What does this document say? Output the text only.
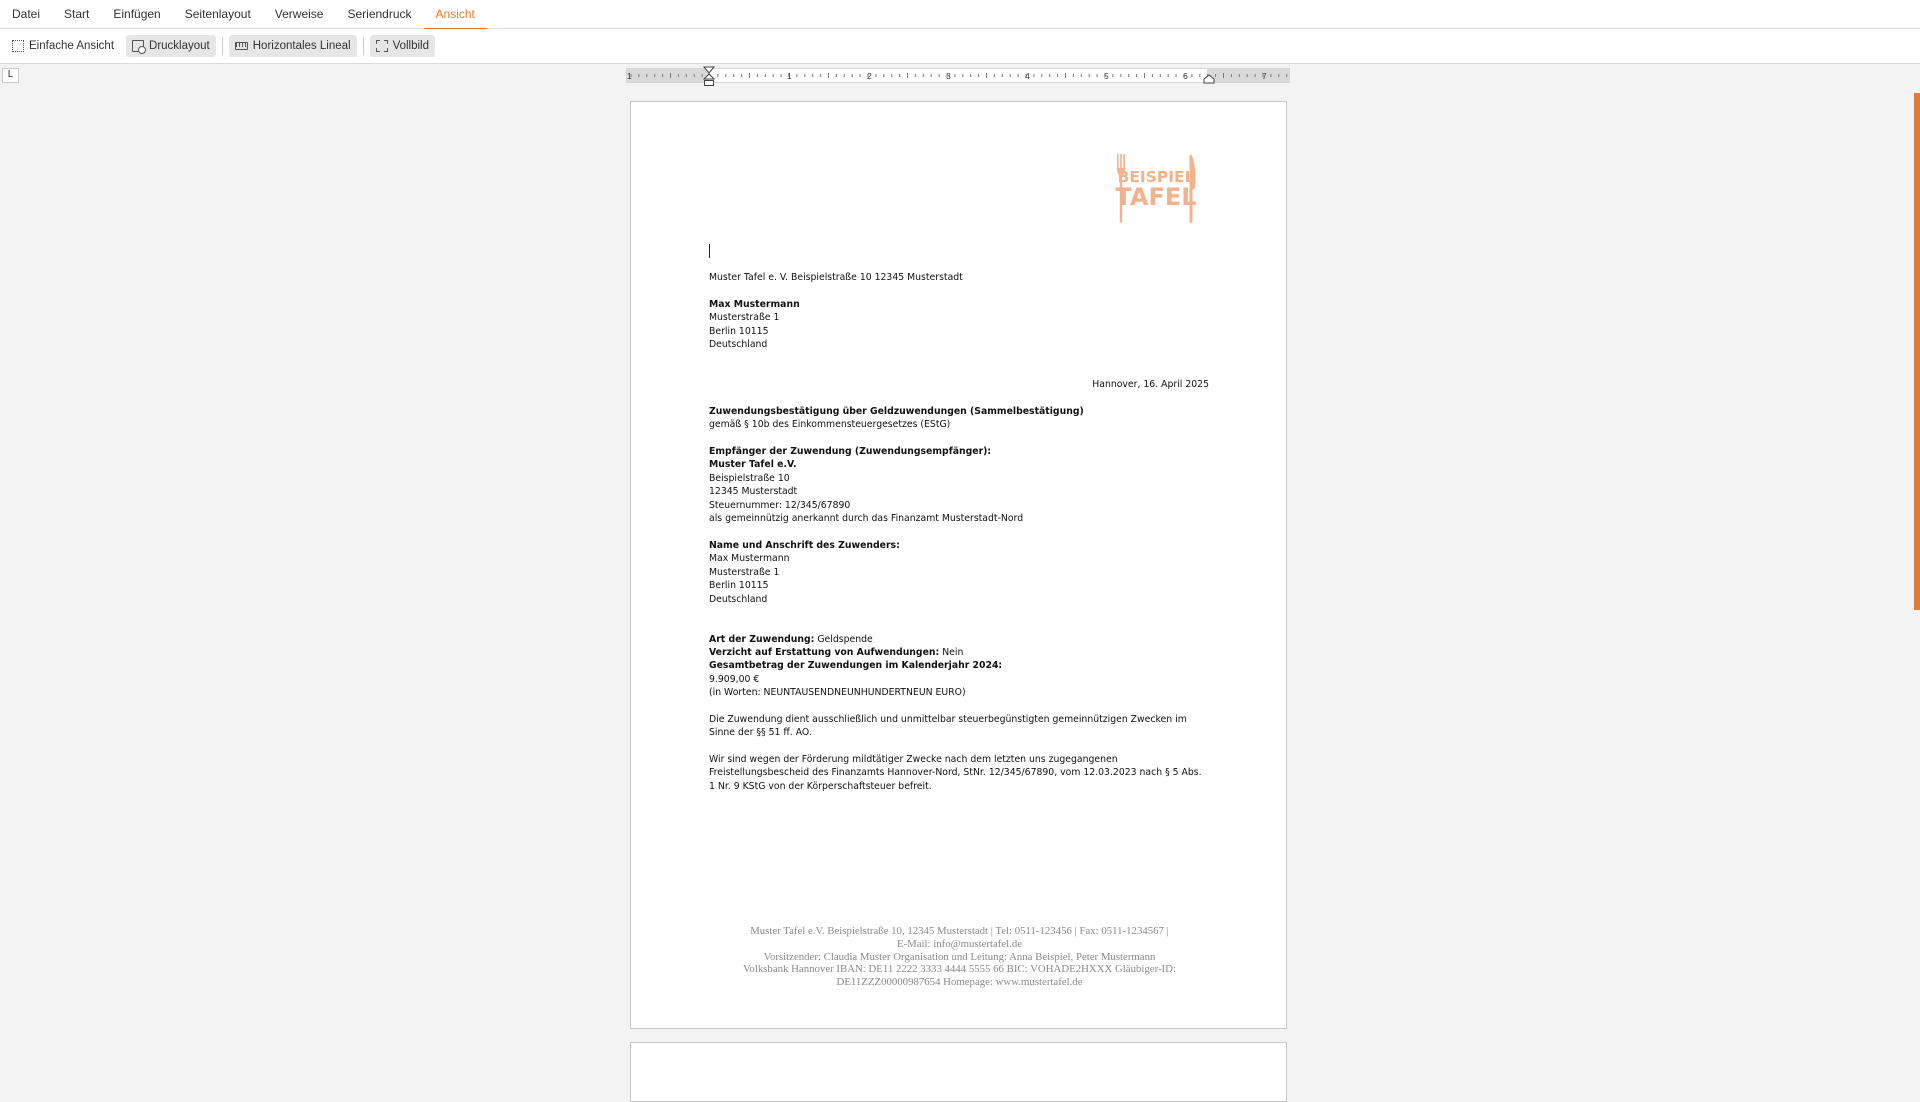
Datei	Start	Einfügen	Seitenlayout	Verweise	Seriendruck	Ansicht
Einfache Ansicht	Drucklayout	Horizontales Lineal	Vollbild
L	1	1	2	3	4	5	6	7
BEISPIEL
TAFEL
Muster Tafel e. V. Beispielstraße 10 12345 Musterstadt
Max Mustermann
Musterstraße 1
Berlin 10115
Deutschland
Hannover, 16. April 2025
Zuwendungsbestätigung über Geldzuwendungen (Sammelbestätigung)
gemäß § 10b des Einkommensteuergesetzes (EStG)
Empfänger der Zuwendung (Zuwendungsempfänger):
Muster Tafel e.V.
Beispielstraße 10
12345 Musterstadt
Steuernummer: 12/345/67890
als gemeinnützig anerkannt durch das Finanzamt Musterstadt-Nord
Name und Anschrift des Zuwenders:
Max Mustermann
Musterstraße 1
Berlin 10115
Deutschland
Art der Zuwendung: Geldspende
Verzicht auf Erstattung von Aufwendungen: Nein
Gesamtbetrag der Zuwendungen im Kalenderjahr 2024:
9.909,00 €
(in Worten: NEUNTAUSENDNEUNHUNDERTNEUN EURO)
Die Zuwendung dient ausschließlich und unmittelbar steuerbegünstigten gemeinnützigen Zwecken im Sinne der §§ 51 ff. AO.
Wir sind wegen der Förderung mildtätiger Zwecke nach dem letzten uns zugegangenen Freistellungsbescheid des Finanzamts Hannover-Nord, StNr. 12/345/67890, vom 12.03.2023 nach § 5 Abs. 1 Nr. 9 KStG von der Körperschaftsteuer befreit.
Muster Tafel e.V. Beispielstraße 10, 12345 Musterstadt | Tel: 0511-123456 | Fax: 0511-1234567 |
E-Mail: info@mustertafel.de
Vorsitzender: Claudia Muster Organisation und Leitung: Anna Beispiel, Peter Mustermann
Volksbank Hannover IBAN: DE11 2222 3333 4444 5555 66 BIC: VOHADE2HXXX Gläubiger-ID:
DE11ZZZ00000987654 Homepage: www.mustertafel.de
